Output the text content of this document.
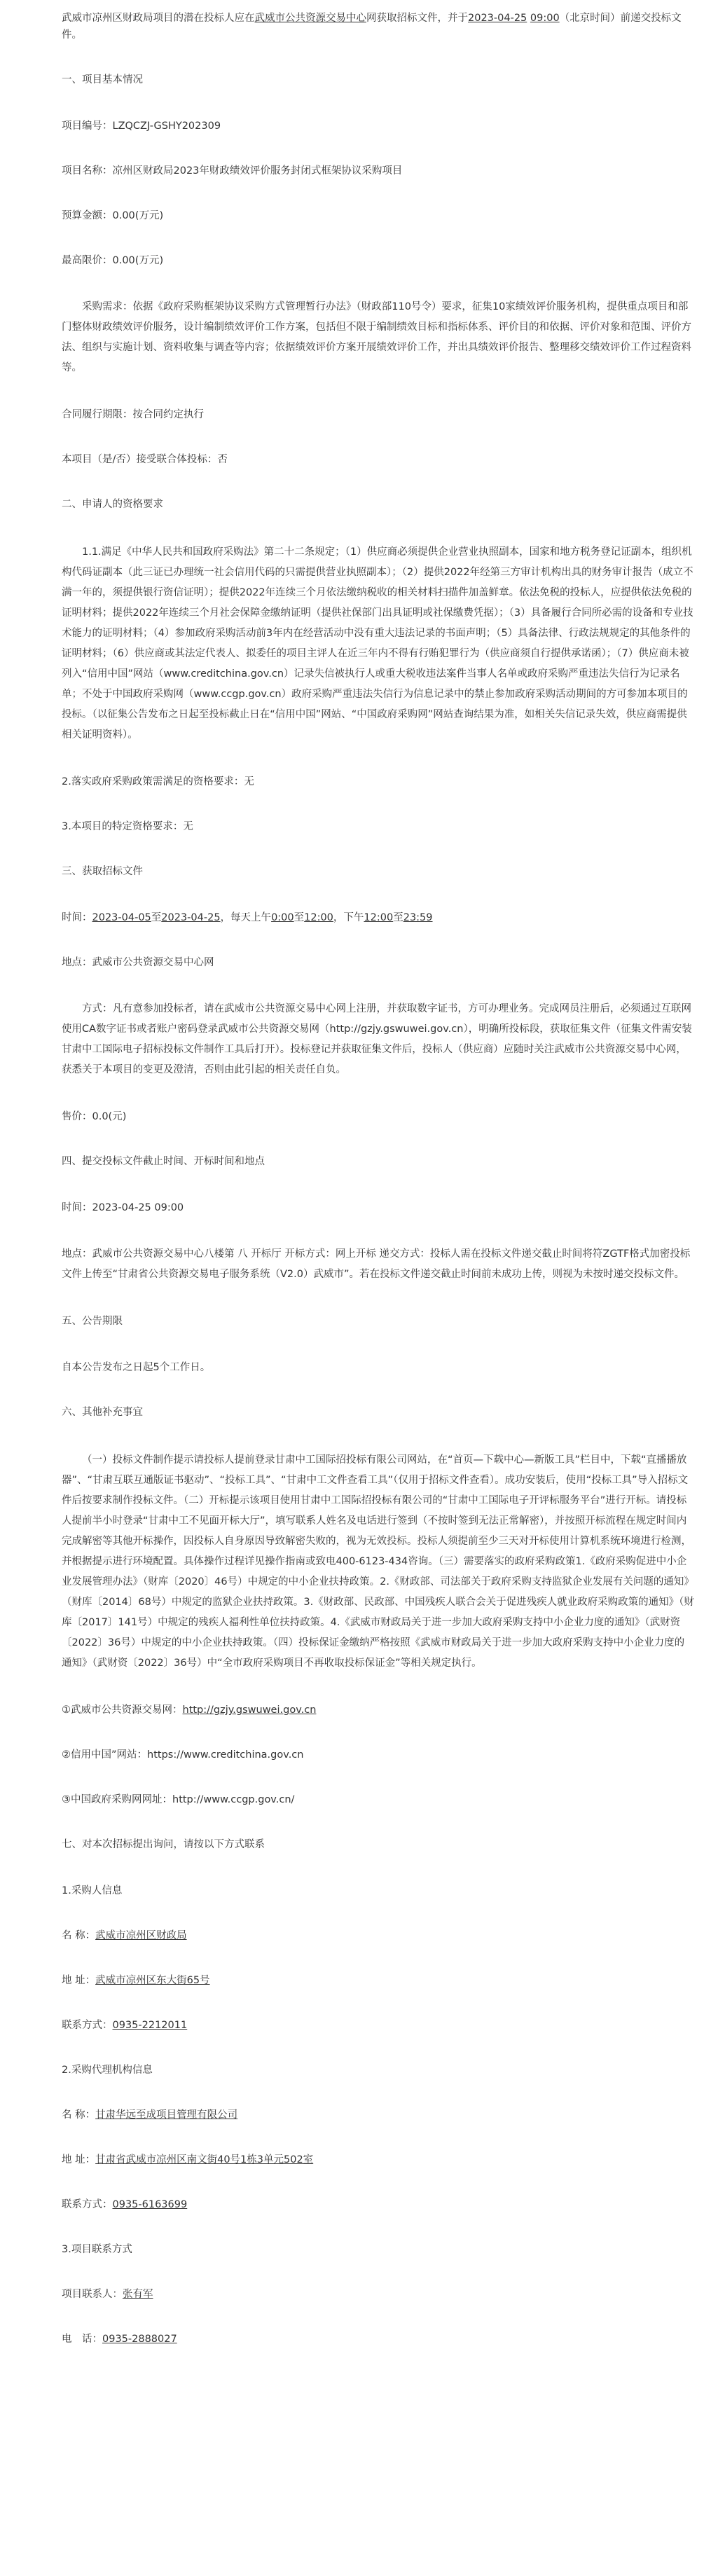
武威市凉州区财政局项目的潜在投标人应在武威市公共资源交易中心网获取招标文件，并于2023-04-25 09:00（北京时间）前递交投标文件。

一、项目基本情况

项目编号：LZQCZJ-GSHY202309

项目名称：凉州区财政局2023年财政绩效评价服务封闭式框架协议采购项目

预算金额：0.00(万元)

最高限价：0.00(万元)

采购需求：依据《政府采购框架协议采购方式管理暂行办法》（财政部110号令）要求，征集10家绩效评价服务机构，提供重点项目和部门整体财政绩效评价服务，设计编制绩效评价工作方案，包括但不限于编制绩效目标和指标体系、评价目的和依据、评价对象和范围、评价方法、组织与实施计划、资料收集与调查等内容；依据绩效评价方案开展绩效评价工作，并出具绩效评价报告、整理移交绩效评价工作过程资料等。

合同履行期限：按合同约定执行

本项目（是/否）接受联合体投标：否

二、申请人的资格要求

1.1.满足《中华人民共和国政府采购法》第二十二条规定；（1）供应商必须提供企业营业执照副本，国家和地方税务登记证副本，组织机构代码证副本（此三证已办理统一社会信用代码的只需提供营业执照副本）；（2）提供2022年经第三方审计机构出具的财务审计报告（成立不满一年的，须提供银行资信证明）；提供2022年连续三个月依法缴纳税收的相关材料扫描件加盖鲜章。依法免税的投标人，应提供依法免税的证明材料；提供2022年连续三个月社会保障金缴纳证明（提供社保部门出具证明或社保缴费凭据）；（3）具备履行合同所必需的设备和专业技术能力的证明材料；（4）参加政府采购活动前3年内在经营活动中没有重大违法记录的书面声明；（5）具备法律、行政法规规定的其他条件的证明材料；（6）供应商或其法定代表人、拟委任的项目主评人在近三年内不得有行贿犯罪行为（供应商须自行提供承诺函）；（7）供应商未被列入“信用中国”网站（www.creditchina.gov.cn）记录失信被执行人或重大税收违法案件当事人名单或政府采购严重违法失信行为记录名单；不处于中国政府采购网（www.ccgp.gov.cn）政府采购严重违法失信行为信息记录中的禁止参加政府采购活动期间的方可参加本项目的投标。（以征集公告发布之日起至投标截止日在“信用中国”网站、“中国政府采购网”网站查询结果为准，如相关失信记录失效，供应商需提供相关证明资料）。

2.落实政府采购政策需满足的资格要求：无

3.本项目的特定资格要求：无

三、获取招标文件

时间：2023-04-05至2023-04-25，每天上午0:00至12:00，下午12:00至23:59

地点：武威市公共资源交易中心网

方式：凡有意参加投标者，请在武威市公共资源交易中心网上注册，并获取数字证书，方可办理业务。完成网员注册后，必须通过互联网使用CA数字证书或者账户密码登录武威市公共资源交易网（http://gzjy.gswuwei.gov.cn），明确所投标段，获取征集文件（征集文件需安装甘肃中工国际电子招标投标文件制作工具后打开）。投标登记并获取征集文件后，投标人（供应商）应随时关注武威市公共资源交易中心网，获悉关于本项目的变更及澄清，否则由此引起的相关责任自负。

售价：0.0(元)

四、提交投标文件截止时间、开标时间和地点

时间：2023-04-25 09:00

地点：武威市公共资源交易中心八楼第 八 开标厅 开标方式：网上开标 递交方式：投标人需在投标文件递交截止时间将符ZGTF格式加密投标文件上传至“甘肃省公共资源交易电子服务系统（V2.0）武威市”。若在投标文件递交截止时间前未成功上传，则视为未按时递交投标文件。

五、公告期限

自本公告发布之日起5个工作日。

六、其他补充事宜

（一）投标文件制作提示请投标人提前登录甘肃中工国际招投标有限公司网站，在“首页—下载中心—新版工具”栏目中，下载“直播播放器”、“甘肃互联互通版证书驱动”、“投标工具”、“甘肃中工文件查看工具”（仅用于招标文件查看）。成功安装后，使用“投标工具”导入招标文件后按要求制作投标文件。（二）开标提示该项目使用甘肃中工国际招投标有限公司的“甘肃中工国际电子开评标服务平台”进行开标。请投标人提前半小时登录“甘肃中工不见面开标大厅”，填写联系人姓名及电话进行签到（不按时签到无法正常解密），并按照开标流程在规定时间内完成解密等其他开标操作，因投标人自身原因导致解密失败的，视为无效投标。投标人须提前至少三天对开标使用计算机系统环境进行检测，并根据提示进行环境配置。具体操作过程详见操作指南或致电400-6123-434咨询。（三）需要落实的政府采购政策1.《政府采购促进中小企业发展管理办法》（财库〔2020〕46号）中规定的中小企业扶持政策。2.《财政部、司法部关于政府采购支持监狱企业发展有关问题的通知》（财库〔2014〕68号）中规定的监狱企业扶持政策。3.《财政部、民政部、中国残疾人联合会关于促进残疾人就业政府采购政策的通知》（财库〔2017〕141号）中规定的残疾人福利性单位扶持政策。4.《武威市财政局关于进一步加大政府采购支持中小企业力度的通知》（武财资〔2022〕36号）中规定的中小企业扶持政策。（四）投标保证金缴纳严格按照《武威市财政局关于进一步加大政府采购支持中小企业力度的通知》（武财资〔2022〕36号）中“全市政府采购项目不再收取投标保证金”等相关规定执行。

①武威市公共资源交易网：http://gzjy.gswuwei.gov.cn

②信用中国”网站：https://www.creditchina.gov.cn

③中国政府采购网网址：http://www.ccgp.gov.cn/

七、对本次招标提出询问，请按以下方式联系

1.采购人信息

名 称：武威市凉州区财政局

地 址：武威市凉州区东大街65号

联系方式：0935-2212011

2.采购代理机构信息

名 称：甘肃华远至成项目管理有限公司

地 址：甘肃省武威市凉州区南文街40号1栋3单元502室

联系方式：0935-6163699

3.项目联系方式

项目联系人：张有军

电　话：0935-2888027
